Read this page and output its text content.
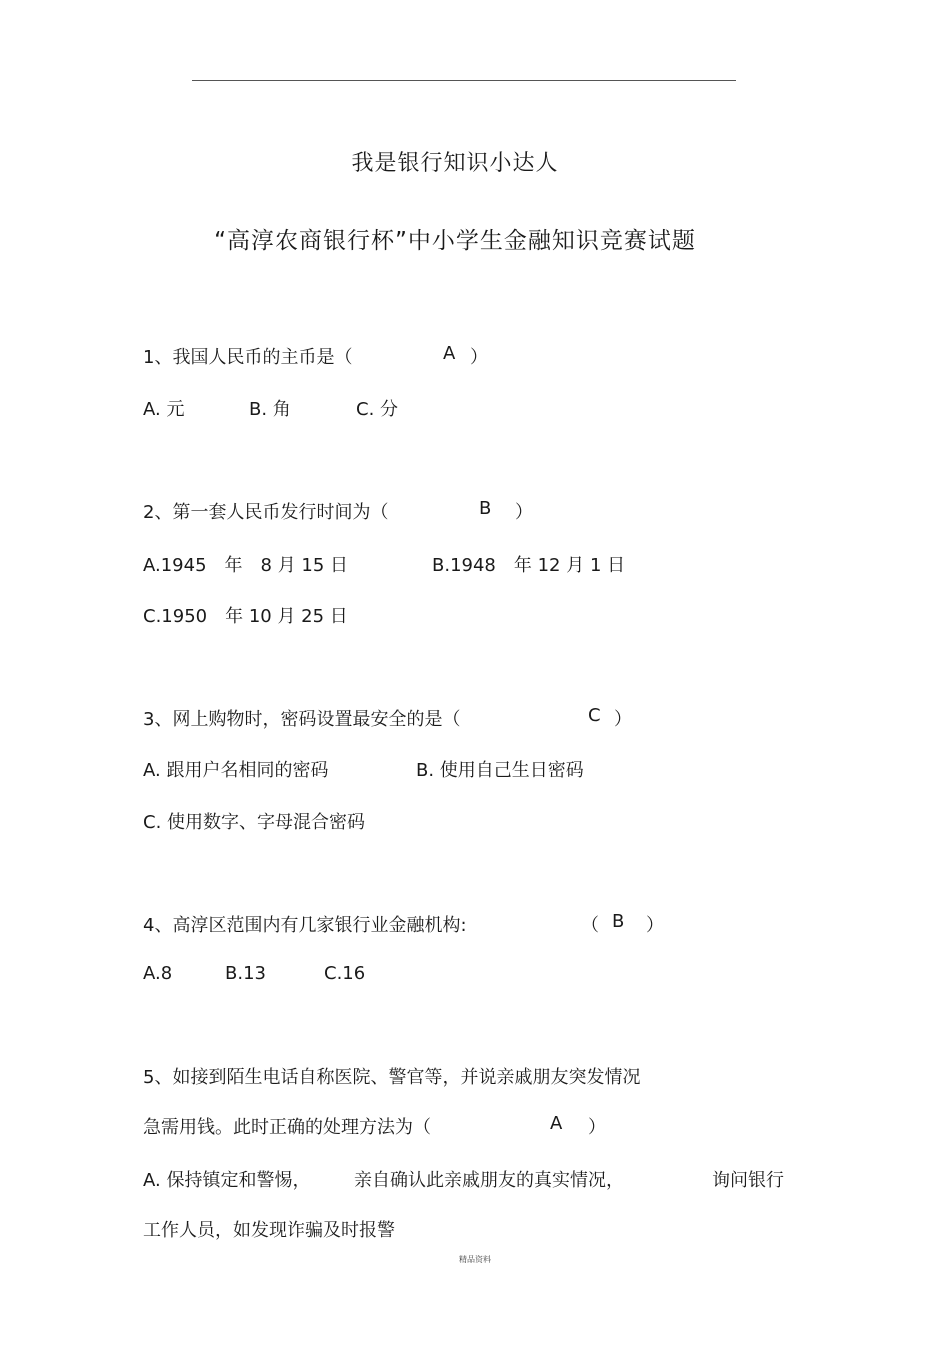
我是银行知识小达人
“高淳农商银行杯”中小学生金融知识竞赛试题
1、我国人民币的主币是（	A ）
A. 元	B. 角	C. 分
2、第一套人民币发行时间为（	B ）
A.1945　年　8 月 15 日	B.1948　年 12 月 1 日
C.1950　年 10 月 25 日
3、网上购物时，密码设置最安全的是（	C ）
A. 跟用户名相同的密码	B. 使用自己生日密码
C. 使用数字、字母混合密码
4、高淳区范围内有几家银行业金融机构:	（ B ）
A.8	B.13	C.16
5、如接到陌生电话自称医院、警官等，并说亲戚朋友突发情况
急需用钱。此时正确的处理方法为（	A ）
A. 保持镇定和警惕， 亲自确认此亲戚朋友的真实情况，	询问银行
工作人员，如发现诈骗及时报警
精品资料
